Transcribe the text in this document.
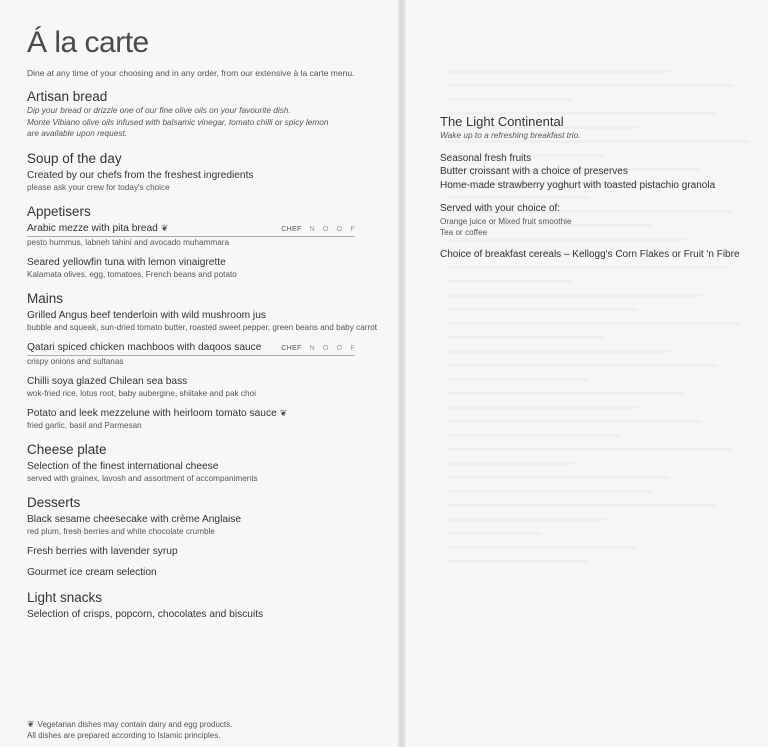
Á la carte
Dine at any time of your choosing and in any order, from our extensive à la carte menu.
Artisan bread
Dip your bread or drizzle one of our fine olive oils on your favourite dish.
Monte Vibiano olive oils infused with balsamic vinegar, tomato chilli or spicy lemon
are available upon request.
Soup of the day
Created by our chefs from the freshest ingredients
please ask your crew for today's choice
Appetisers
Arabic mezze with pita bread ❦	CHEF N O O F
pesto hummus, labneh tahini and avocado muhammara
Seared yellowfin tuna with lemon vinaigrette
Kalamata olives, egg, tomatoes, French beans and potato
Mains
Grilled Angus beef tenderloin with wild mushroom jus
bubble and squeak, sun-dried tomato butter, roasted sweet pepper, green beans and baby carrot
Qatari spiced chicken machboos with daqoos sauce	CHEF N O O F
crispy onions and sultanas
Chilli soya glazed Chilean sea bass
wok-fried rice, lotus root, baby aubergine, shiitake and pak choi
Potato and leek mezzelune with heirloom tomato sauce ❦
fried garlic, basil and Parmesan
Cheese plate
Selection of the finest international cheese
served with grainex, lavosh and assortment of accompaniments
Desserts
Black sesame cheesecake with crème Anglaise
red plum, fresh berries and white chocolate crumble
Fresh berries with lavender syrup
Gourmet ice cream selection
Light snacks
Selection of crisps, popcorn, chocolates and biscuits
❦ Vegetarian dishes may contain dairy and egg products.
All dishes are prepared according to Islamic principles.
The Light Continental
Wake up to a refreshing breakfast trio.
Seasonal fresh fruits
Butter croissant with a choice of preserves
Home-made strawberry yoghurt with toasted pistachio granola
Served with your choice of:
Orange juice or Mixed fruit smoothie
Tea or coffee
Choice of breakfast cereals – Kellogg's Corn Flakes or Fruit 'n Fibre
